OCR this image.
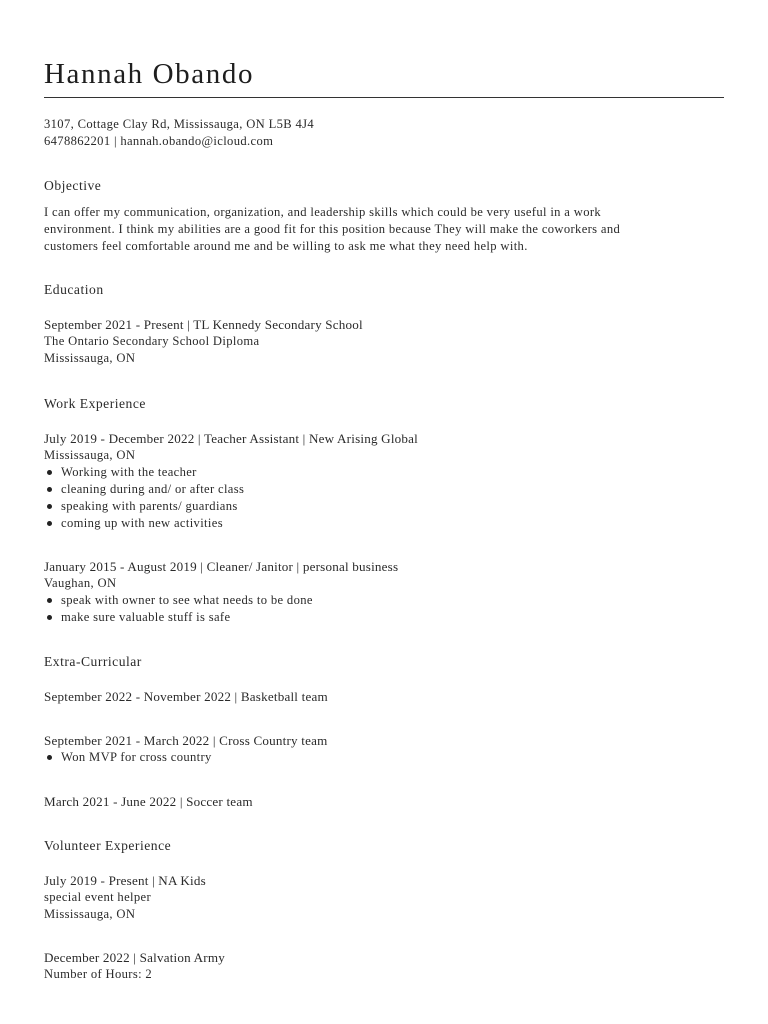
Hannah Obando
3107, Cottage Clay Rd, Mississauga, ON L5B 4J4
6478862201 | hannah.obando@icloud.com
Objective
I can offer my communication, organization, and leadership skills which could be very useful in a work
environment. I think my abilities are a good fit for this position because They will make the coworkers and
customers feel comfortable around me and be willing to ask me what they need help with.
Education
September 2021 - Present | TL Kennedy Secondary School
The Ontario Secondary School Diploma
Mississauga, ON
Work Experience
July 2019 - December 2022 | Teacher Assistant | New Arising Global
Mississauga, ON
Working with the teacher
cleaning during and/ or after class
speaking with parents/ guardians
coming up with new activities
January 2015 - August 2019 | Cleaner/ Janitor | personal business
Vaughan, ON
speak with owner to see what needs to be done
make sure valuable stuff is safe
Extra-Curricular
September 2022 - November 2022 | Basketball team
September 2021 - March 2022 | Cross Country team
Won MVP for cross country
March 2021 - June 2022 | Soccer team
Volunteer Experience
July 2019 - Present | NA Kids
special event helper
Mississauga, ON
December 2022 | Salvation Army
Number of Hours: 2
